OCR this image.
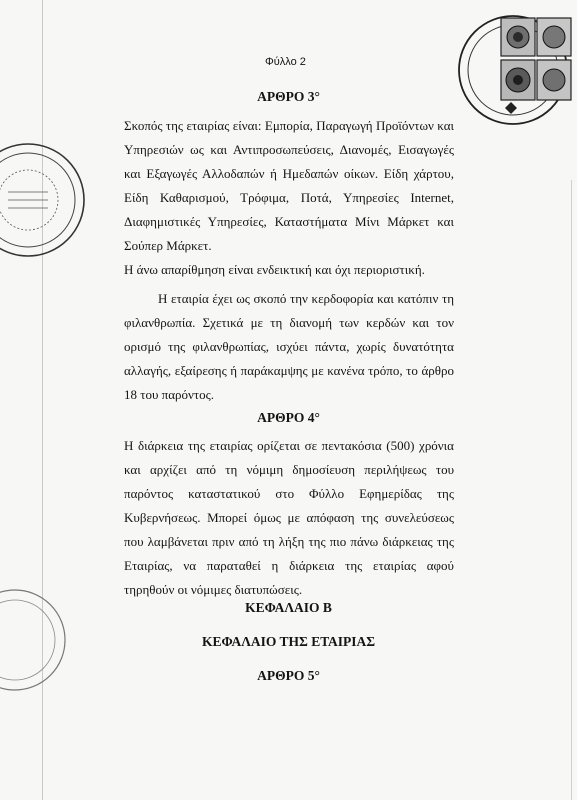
Φύλλο 2
ΑΡΘΡΟ 3°
Σκοπός της εταιρίας είναι: Εμπορία, Παραγωγή Προϊόντων και Υπηρεσιών ως και Αντιπροσωπεύσεις, Διανομές, Εισαγωγές και Εξαγωγές Αλλοδαπών ή Ημεδαπών οίκων. Είδη χάρτου, Είδη Καθαρισμού, Τρόφιμα, Ποτά, Υπηρεσίες Internet, Διαφημιστικές Υπηρεσίες, Καταστήματα Μίνι Μάρκετ και Σούπερ Μάρκετ.
Η άνω απαρίθμηση είναι ενδεικτική και όχι περιοριστική.
Η εταιρία έχει ως σκοπό την κερδοφορία και κατόπιν τη φιλανθρωπία. Σχετικά με τη διανομή των κερδών και τον ορισμό της φιλανθρωπίας, ισχύει πάντα, χωρίς δυνατότητα αλλαγής, εξαίρεσης ή παράκαμψης με κανένα τρόπο, το άρθρο 18 του παρόντος.
ΑΡΘΡΟ 4°
Η διάρκεια της εταιρίας ορίζεται σε πεντακόσια (500) χρόνια και αρχίζει από τη νόμιμη δημοσίευση περιλήψεως του παρόντος καταστατικού στο Φύλλο Εφημερίδας της Κυβερνήσεως. Μπορεί όμως με απόφαση της συνελεύσεως που λαμβάνεται πριν από τη λήξη της πιο πάνω διάρκειας της Εταιρίας, να παραταθεί η διάρκεια της εταιρίας αφού τηρηθούν οι νόμιμες διατυπώσεις.
ΚΕΦΑΛΑΙΟ Β
ΚΕΦΑΛΑΙΟ ΤΗΣ ΕΤΑΙΡΙΑΣ
ΑΡΘΡΟ 5°
